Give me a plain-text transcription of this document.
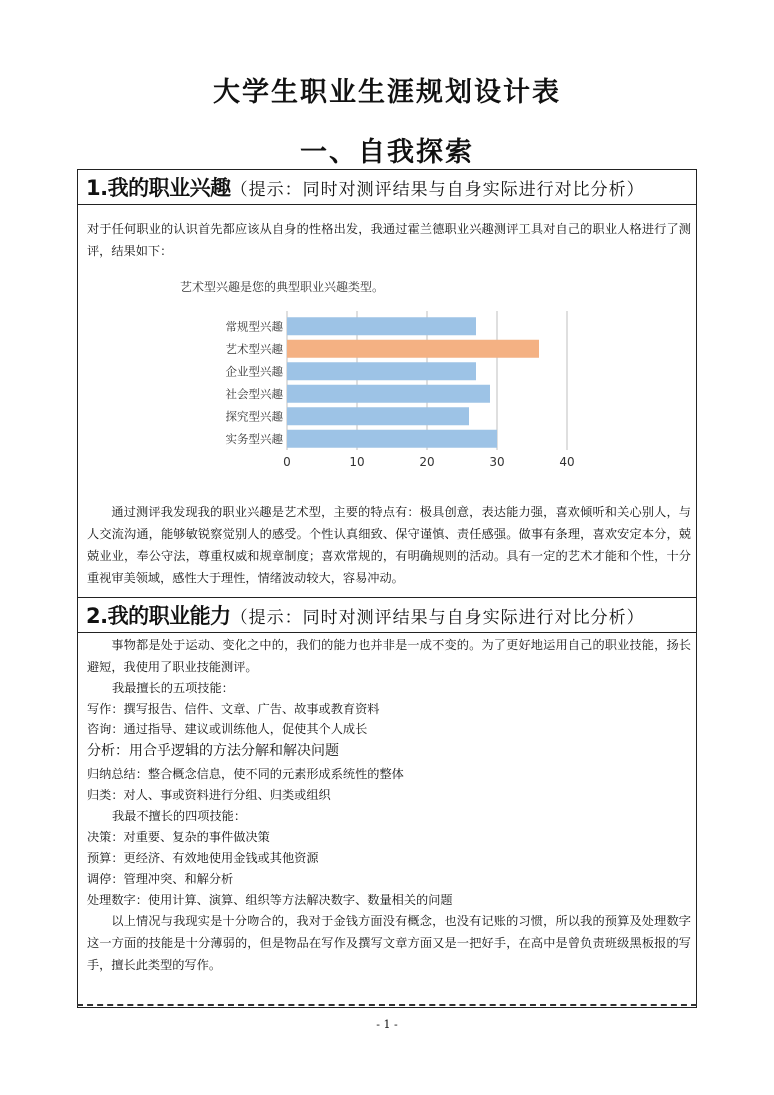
大学生职业生涯规划设计表
一、自我探索
1.我的职业兴趣 （提示：同时对测评结果与自身实际进行对比分析）

对于任何职业的认识首先都应该从自身的性格出发，我通过霍兰德职业兴趣测评工具对自己的职业人格进行了测评，结果如下：

艺术型兴趣是您的典型职业兴趣类型。
常规型兴趣
艺术型兴趣
企业型兴趣
社会型兴趣
探究型兴趣
实务型兴趣
0	10	20	30	40

通过测评我发现我的职业兴趣是艺术型，主要的特点有：极具创意，表达能力强，喜欢倾听和关心别人，与人交流沟通，能够敏锐察觉别人的感受。个性认真细致、保守谨慎、责任感强。做事有条理，喜欢安定本分，兢兢业业，奉公守法，尊重权威和规章制度；喜欢常规的，有明确规则的活动。具有一定的艺术才能和个性，十分重视审美领域，感性大于理性，情绪波动较大，容易冲动。

2.我的职业能力 （提示：同时对测评结果与自身实际进行对比分析）

事物都是处于运动、变化之中的，我们的能力也并非是一成不变的。为了更好地运用自己的职业技能，扬长避短，我使用了职业技能测评。

我最擅长的五项技能：
写作：撰写报告、信件、文章、广告、故事或教育资料
咨询：通过指导、建议或训练他人，促使其个人成长
分析：用合乎逻辑的方法分解和解决问题
归纳总结：整合概念信息，使不同的元素形成系统性的整体
归类：对人、事或资料进行分组、归类或组织
我最不擅长的四项技能：
决策：对重要、复杂的事件做决策
预算：更经济、有效地使用金钱或其他资源
调停：管理冲突、和解分析
处理数字：使用计算、演算、组织等方法解决数字、数量相关的问题

以上情况与我现实是十分吻合的，我对于金钱方面没有概念，也没有记账的习惯，所以我的预算及处理数字这一方面的技能是十分薄弱的，但是物品在写作及撰写文章方面又是一把好手，在高中是曾负责班级黑板报的写手，擅长此类型的写作。

- 1 -
